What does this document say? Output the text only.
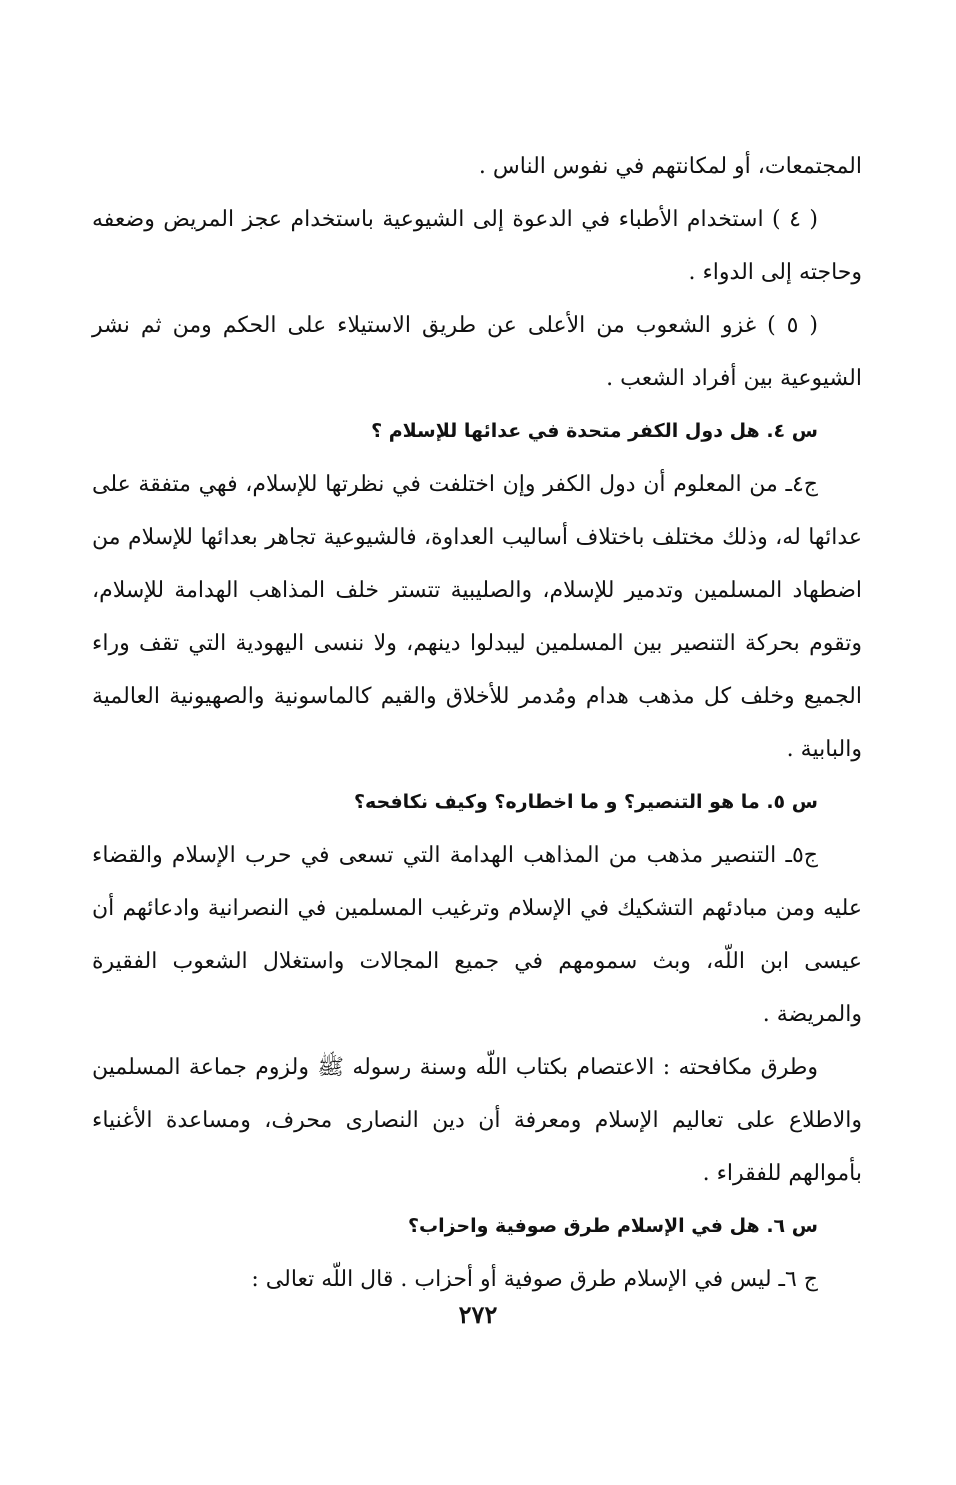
المجتمعات، أو لمكانتهم في نفوس الناس .

( ٤ ) استخدام الأطباء في الدعوة إلى الشيوعية باستخدام عجز المريض وضعفه وحاجته إلى الدواء .

( ٥ ) غزو الشعوب من الأعلى عن طريق الاستيلاء على الحكم ومن ثم نشر الشيوعية بين أفراد الشعب .

س ٤. هل دول الكفر متحدة في عدائها للإسلام ؟

ج٤ـ من المعلوم أن دول الكفر وإن اختلفت في نظرتها للإسلام، فهي متفقة على عدائها له، وذلك مختلف باختلاف أساليب العداوة، فالشيوعية تجاهر بعدائها للإسلام من اضطهاد المسلمين وتدمير للإسلام، والصليبية تتستر خلف المذاهب الهدامة للإسلام، وتقوم بحركة التنصير بين المسلمين ليبدلوا دينهم، ولا ننسى اليهودية التي تقف وراء الجميع وخلف كل مذهب هدام ومُدمر للأخلاق والقيم كالماسونية والصهيونية العالمية والبابية .

س ٥. ما هو التنصير؟ و ما اخطاره؟ وكيف نكافحه؟

ج٥ـ التنصير مذهب من المذاهب الهدامة التي تسعى في حرب الإسلام والقضاء عليه ومن مبادئهم التشكيك في الإسلام وترغيب المسلمين في النصرانية وادعائهم أن عيسى ابن اللّه، وبث سمومهم في جميع المجالات واستغلال الشعوب الفقيرة والمريضة .

وطرق مكافحته : الاعتصام بكتاب اللّه وسنة رسوله ﷺ ولزوم جماعة المسلمين والاطلاع على تعاليم الإسلام ومعرفة أن دين النصارى محرف، ومساعدة الأغنياء بأموالهم للفقراء .

س ٦. هل في الإسلام طرق صوفية واحزاب؟

ج ٦ـ ليس في الإسلام طرق صوفية أو أحزاب . قال اللّه تعالى :

٢٧٢
